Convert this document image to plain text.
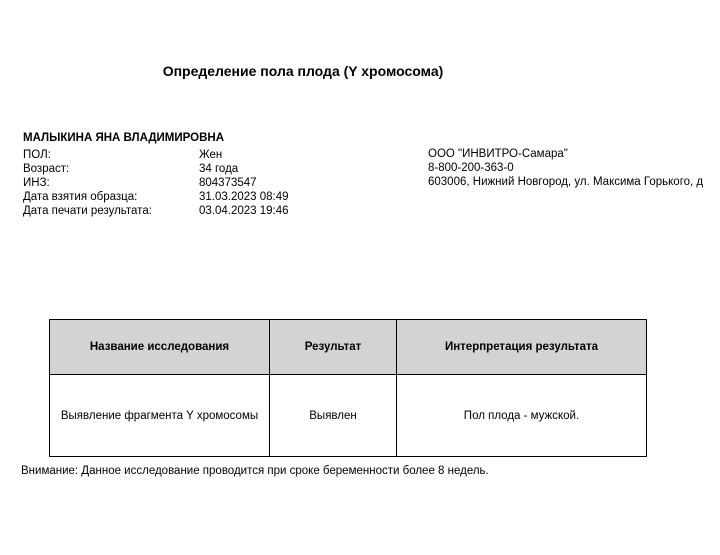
Определение пола плода (Y хромосома)
МАЛЫКИНА ЯНА ВЛАДИМИРОВНА
ПОЛ:	Жен
Возраст:	34 года
ИНЗ:	804373547
Дата взятия образца:	31.03.2023 08:49
Дата печати результата:	03.04.2023 19:46
ООО "ИНВИТРО-Самара"
8-800-200-363-0
603006, Нижний Новгород, ул. Максима Горького, д
Название исследования	Результат	Интерпретация результата
Выявление фрагмента Y хромосомы	Выявлен	Пол плода - мужской.
Внимание: Данное исследование проводится при сроке беременности более 8 недель.
